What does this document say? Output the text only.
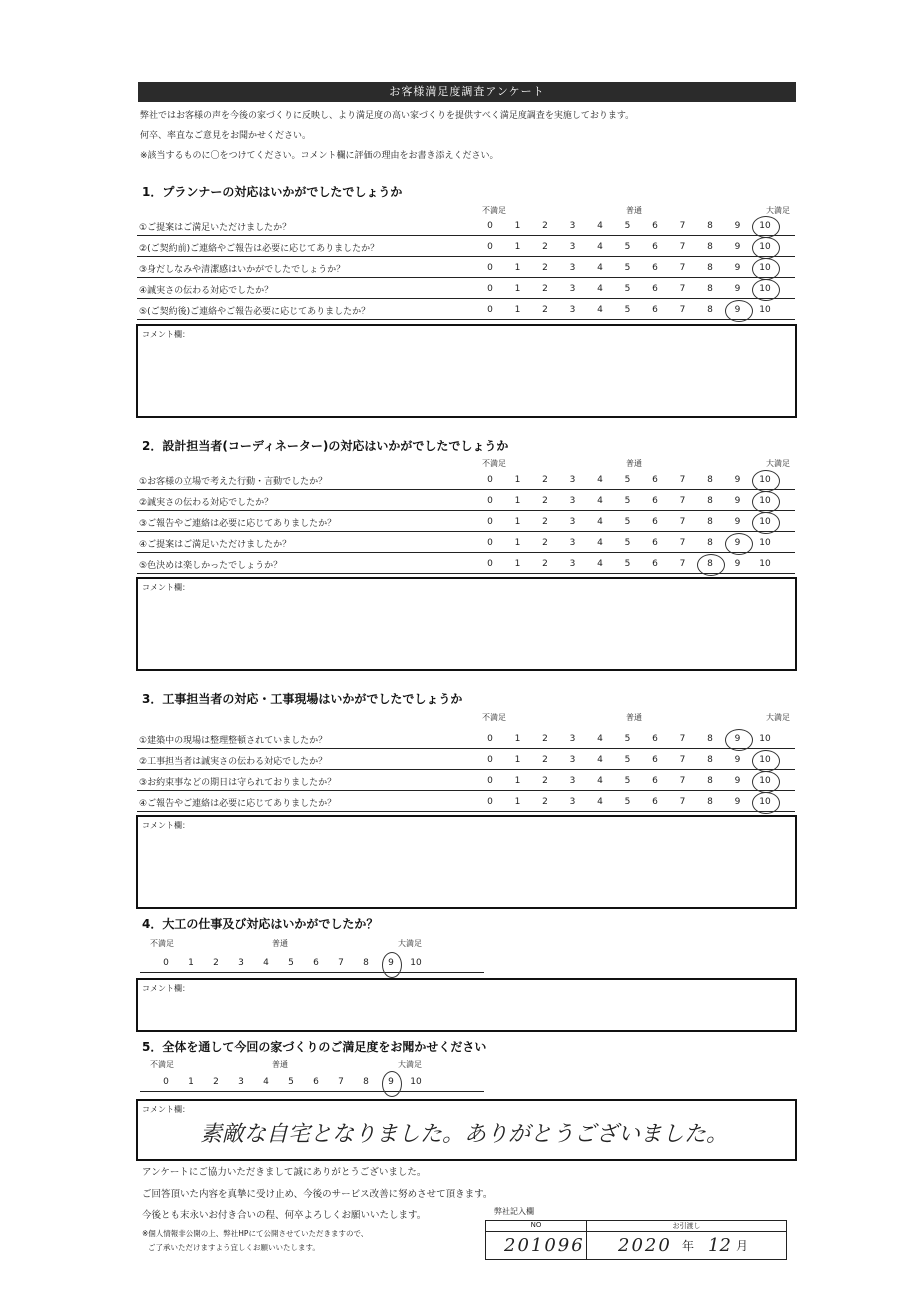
お客様満足度調査アンケート
弊社ではお客様の声を今後の家づくりに反映し、より満足度の高い家づくりを提供すべく満足度調査を実施しております。
何卒、率直なご意見をお聞かせください。
※該当するものに〇をつけてください。コメント欄に評価の理由をお書き添えください。
1．プランナーの対応はいかがでしたでしょうか
不満足	普通	大満足
①ご提案はご満足いただけましたか？	0	1	2	3	4	5	6	7	8	9	10
②(ご契約前)ご連絡やご報告は必要に応じてありましたか？	0	1	2	3	4	5	6	7	8	9	10
③身だしなみや清潔感はいかがでしたでしょうか？	0	1	2	3	4	5	6	7	8	9	10
④誠実さの伝わる対応でしたか？	0	1	2	3	4	5	6	7	8	9	10
⑤(ご契約後)ご連絡やご報告必要に応じてありましたか？	0	1	2	3	4	5	6	7	8	9	10
コメント欄：
2．設計担当者(コーディネーター)の対応はいかがでしたでしょうか
不満足	普通	大満足
①お客様の立場で考えた行動・言動でしたか？	0	1	2	3	4	5	6	7	8	9	10
②誠実さの伝わる対応でしたか？	0	1	2	3	4	5	6	7	8	9	10
③ご報告やご連絡は必要に応じてありましたか？	0	1	2	3	4	5	6	7	8	9	10
④ご提案はご満足いただけましたか？	0	1	2	3	4	5	6	7	8	9	10
⑤色決めは楽しかったでしょうか？	0	1	2	3	4	5	6	7	8	9	10
コメント欄：
3．工事担当者の対応・工事現場はいかがでしたでしょうか
不満足	普通	大満足
①建築中の現場は整理整頓されていましたか？	0	1	2	3	4	5	6	7	8	9	10
②工事担当者は誠実さの伝わる対応でしたか？	0	1	2	3	4	5	6	7	8	9	10
③お約束事などの期日は守られておりましたか？	0	1	2	3	4	5	6	7	8	9	10
④ご報告やご連絡は必要に応じてありましたか？	0	1	2	3	4	5	6	7	8	9	10
コメント欄：
4．大工の仕事及び対応はいかがでしたか？
不満足	普通	大満足
0	1	2	3	4	5	6	7	8	9	10
コメント欄：
5．全体を通して今回の家づくりのご満足度をお聞かせください
不満足	普通	大満足
0	1	2	3	4	5	6	7	8	9	10
コメント欄：
素敵な自宅となりました。ありがとうございました。
アンケートにご協力いただきまして誠にありがとうございました。
ご回答頂いた内容を真摯に受け止め、今後のサービス改善に努めさせて頂きます。
今後とも末永いお付き合いの程、何卒よろしくお願いいたします。
※個人情報非公開の上、弊社HPにて公開させていただきますので、
ご了承いただけますよう宜しくお願いいたします。
弊社記入欄
NO	お引渡し
201096 2020 年 12 月
